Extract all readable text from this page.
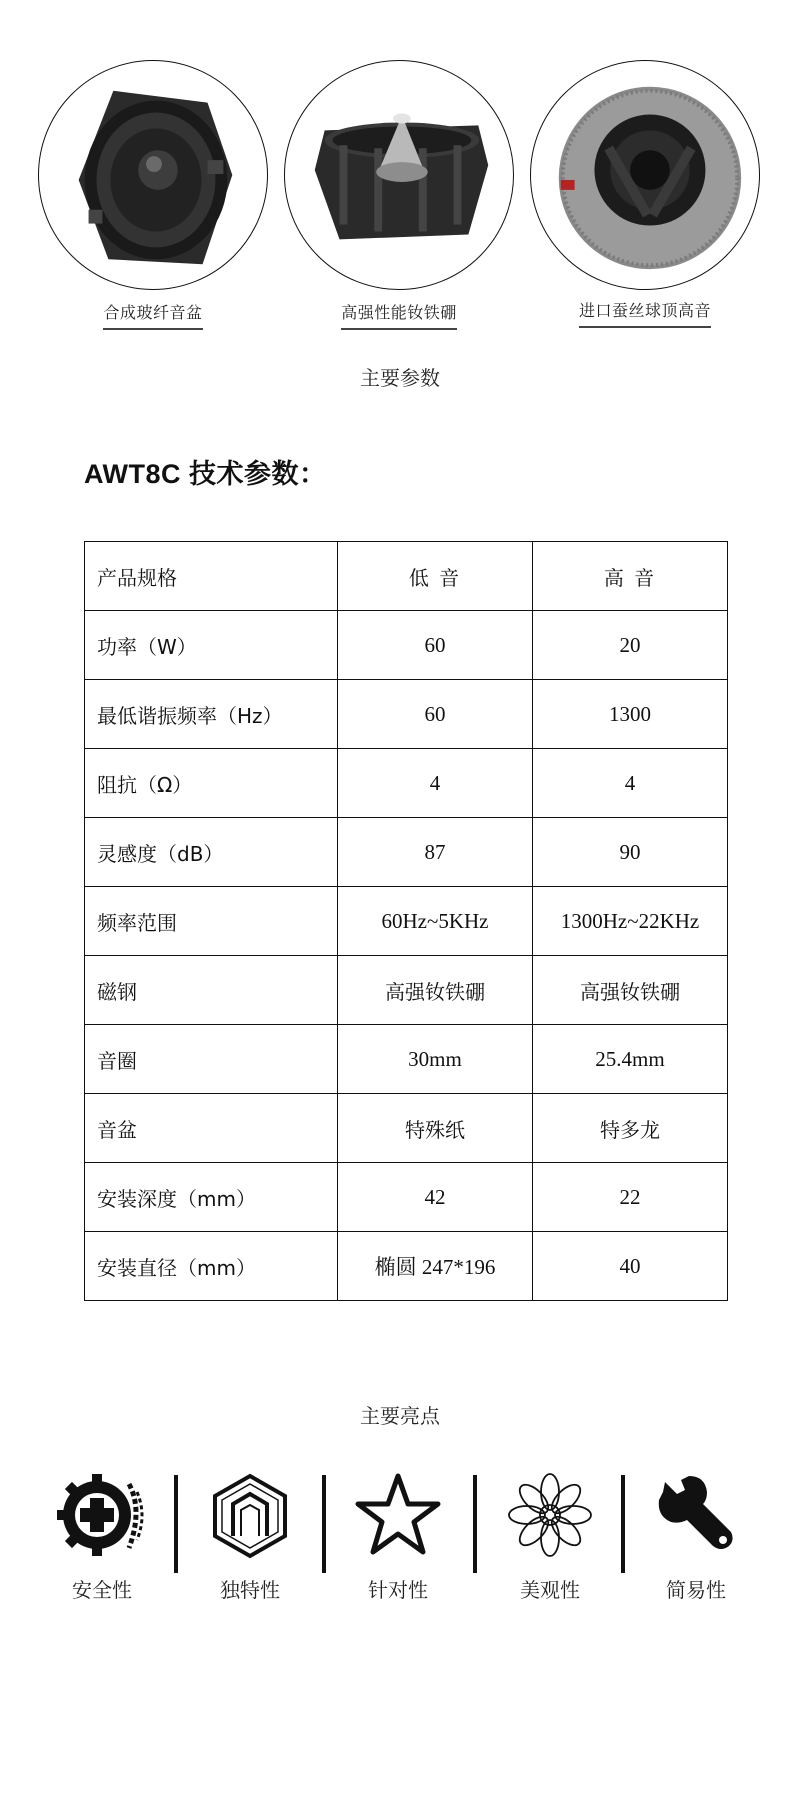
合成玻纤音盆	高强性能钕铁硼	进口蚕丝球顶高音
主要参数
AWT8C 技术参数：
产品规格	低 音	高 音
功率（W）	60	20
最低谐振频率（Hz）	60	1300
阻抗（Ω）	4	4
灵感度（dB）	87	90
频率范围	60Hz~5KHz	1300Hz~22KHz
磁钢	高强钕铁硼	高强钕铁硼
音圈	30mm	25.4mm
音盆	特殊纸	特多龙
安装深度（mm）	42	22
安装直径（mm）	椭圆 247*196	40
主要亮点
安全性	独特性	针对性	美观性	简易性
